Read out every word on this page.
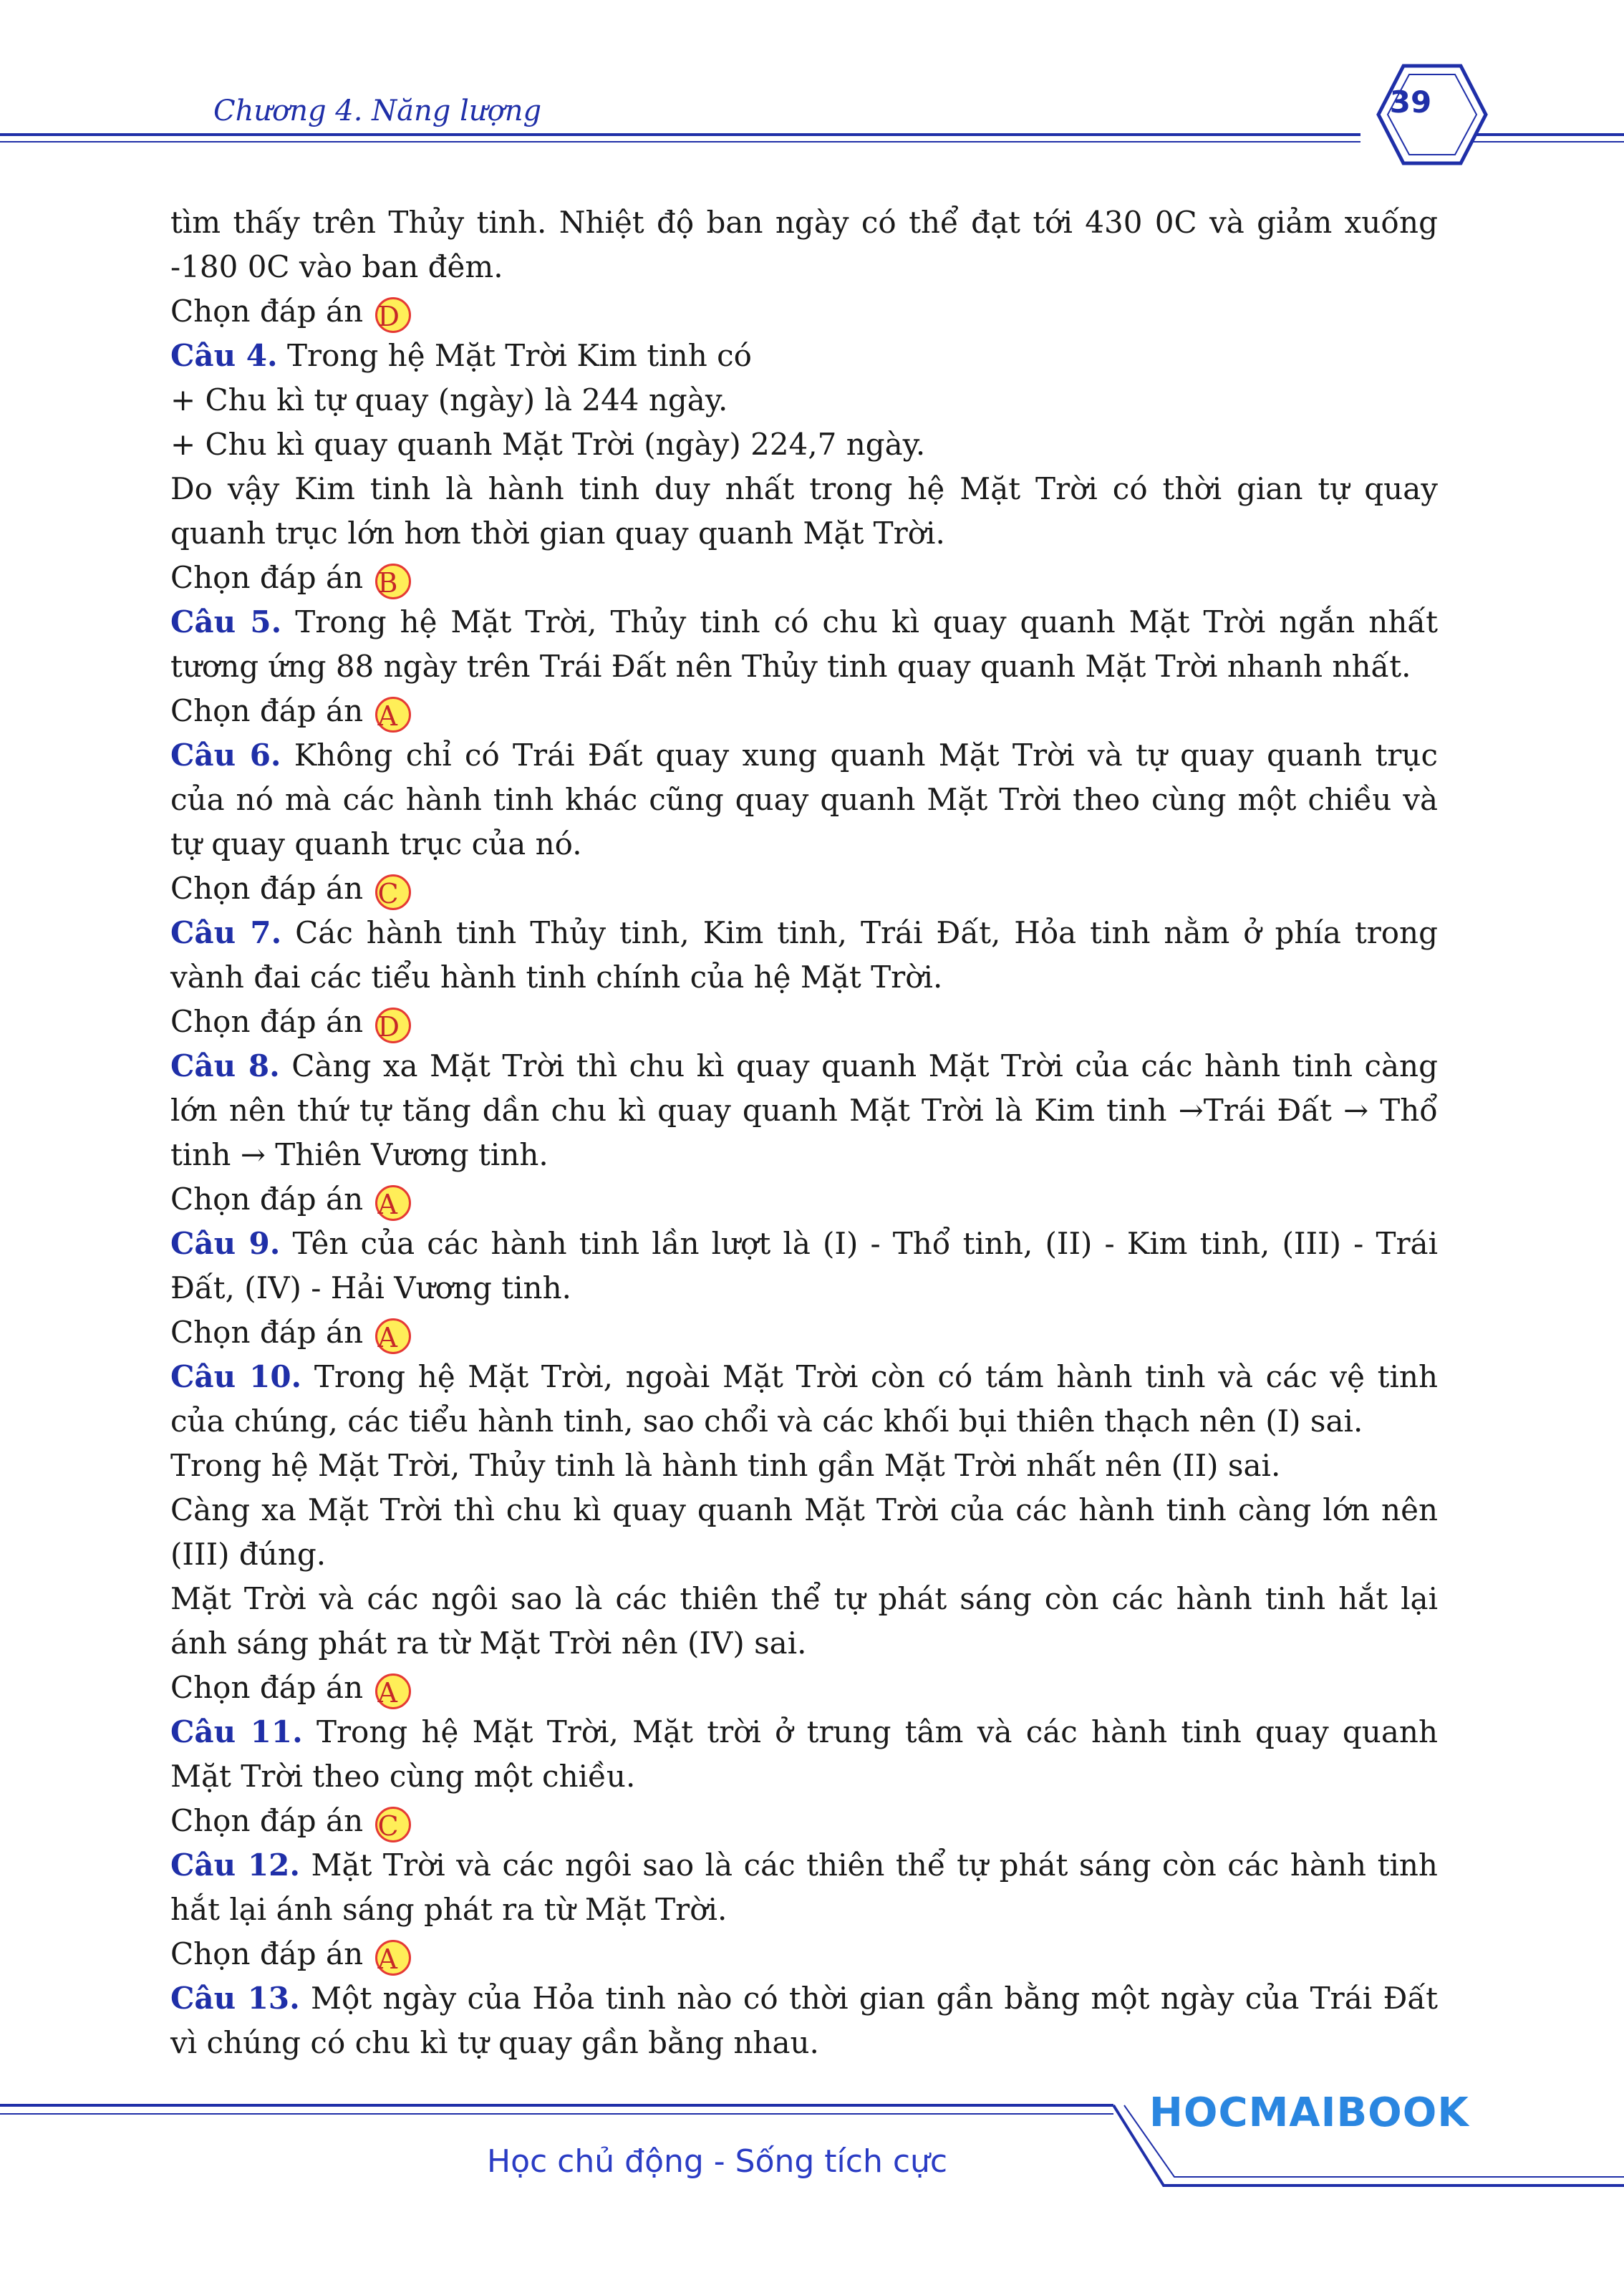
Chương 4. Năng lượng	39

tìm thấy trên Thủy tinh. Nhiệt độ ban ngày có thể đạt tới 430 0C và giảm xuống -180 0C vào ban đêm.

Chọn đáp án D

Câu 4. Trong hệ Mặt Trời Kim tinh có

+ Chu kì tự quay (ngày) là 244 ngày.

+ Chu kì quay quanh Mặt Trời (ngày) 224,7 ngày.

Do vậy Kim tinh là hành tinh duy nhất trong hệ Mặt Trời có thời gian tự quay quanh trục lớn hơn thời gian quay quanh Mặt Trời.

Chọn đáp án B

Câu 5. Trong hệ Mặt Trời, Thủy tinh có chu kì quay quanh Mặt Trời ngắn nhất tương ứng 88 ngày trên Trái Đất nên Thủy tinh quay quanh Mặt Trời nhanh nhất.

Chọn đáp án A

Câu 6. Không chỉ có Trái Đất quay xung quanh Mặt Trời và tự quay quanh trục của nó mà các hành tinh khác cũng quay quanh Mặt Trời theo cùng một chiều và tự quay quanh trục của nó.

Chọn đáp án C

Câu 7. Các hành tinh Thủy tinh, Kim tinh, Trái Đất, Hỏa tinh nằm ở phía trong vành đai các tiểu hành tinh chính của hệ Mặt Trời.

Chọn đáp án D

Câu 8. Càng xa Mặt Trời thì chu kì quay quanh Mặt Trời của các hành tinh càng lớn nên thứ tự tăng dần chu kì quay quanh Mặt Trời là Kim tinh →Trái Đất → Thổ tinh → Thiên Vương tinh.

Chọn đáp án A

Câu 9. Tên của các hành tinh lần lượt là (I) - Thổ tinh, (II) - Kim tinh, (III) - Trái Đất, (IV) - Hải Vương tinh.

Chọn đáp án A

Câu 10. Trong hệ Mặt Trời, ngoài Mặt Trời còn có tám hành tinh và các vệ tinh của chúng, các tiểu hành tinh, sao chổi và các khối bụi thiên thạch nên (I) sai.

Trong hệ Mặt Trời, Thủy tinh là hành tinh gần Mặt Trời nhất nên (II) sai.

Càng xa Mặt Trời thì chu kì quay quanh Mặt Trời của các hành tinh càng lớn nên (III) đúng.

Mặt Trời và các ngôi sao là các thiên thể tự phát sáng còn các hành tinh hắt lại ánh sáng phát ra từ Mặt Trời nên (IV) sai.

Chọn đáp án A

Câu 11. Trong hệ Mặt Trời, Mặt trời ở trung tâm và các hành tinh quay quanh Mặt Trời theo cùng một chiều.

Chọn đáp án C

Câu 12. Mặt Trời và các ngôi sao là các thiên thể tự phát sáng còn các hành tinh hắt lại ánh sáng phát ra từ Mặt Trời.

Chọn đáp án A

Câu 13. Một ngày của Hỏa tinh nào có thời gian gần bằng một ngày của Trái Đất vì chúng có chu kì tự quay gần bằng nhau.

HOCMAIBOOK
Học chủ động - Sống tích cực
